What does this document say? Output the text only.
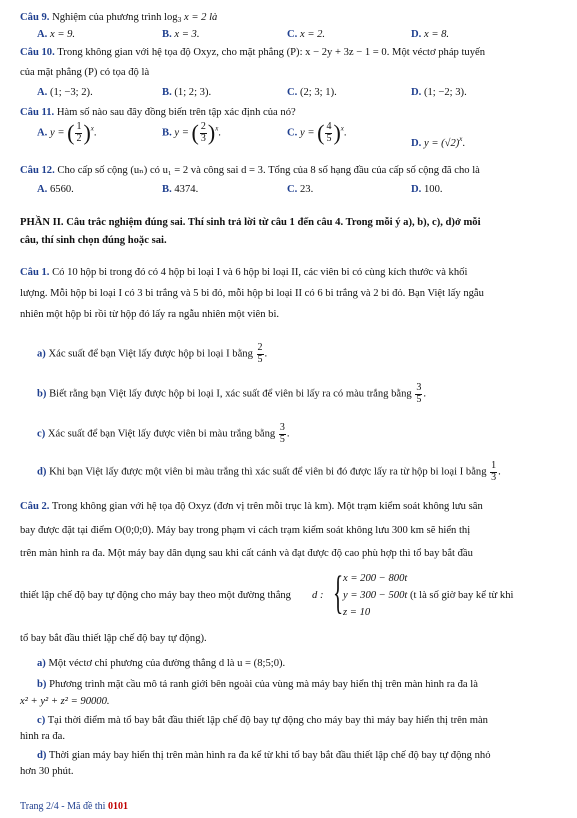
Câu 9. Nghiệm của phương trình $\log_3 x = 2$ là
A. x = 9.	B. x = 3.	C. x = 2.	D. x = 8.
Câu 10. Trong không gian với hệ tọa độ Oxyz, cho mặt phẳng (P): x − 2y + 3z − 1 = 0. Một véctơ pháp tuyến
của mặt phẳng (P) có tọa độ là
A. (1; −3; 2).	B. (1; 2; 3).	C. (2; 3; 1).	D. (1; −2; 3).
Câu 11. Hàm số nào sau đây đồng biến trên tập xác định của nó?
A. y = ( $\frac{1}{2} )^x$.	B. y = ( $\frac{2}{3} )^x$.	C. y = ( $\frac{4}{5} )^x$.
D. $y = (√2)^x$.
Câu 12. Cho cấp số cộng (uₙ) có u₁ = 2 và công sai d = 3. Tổng của 8 số hạng đầu của cấp số cộng đã cho là
A. 6560.	B. 4374.	C. 23.	D. 100.
PHẦN II. Câu trắc nghiệm đúng sai. Thí sinh trả lời từ câu 1 đến câu 4. Trong mỗi ý a), b), c), d)ở mỗi
câu, thí sinh chọn đúng hoặc sai.
Câu 1. Có 10 hộp bi trong đó có 4 hộp bi loại I và 6 hộp bi loại II, các viên bi có cùng kích thước và khối
lượng. Mỗi hộp bi loại I có 3 bi trắng và 5 bi đỏ, mỗi hộp bi loại II có 6 bi trắng và 2 bi đỏ. Bạn Việt lấy ngẫu
nhiên một hộp bi rồi từ hộp đó lấy ra ngẫu nhiên một viên bi.
a) Xác suất để bạn Việt lấy được hộp bi loại I bằng $\frac{2}{5}$ .
b) Biết rằng bạn Việt lấy được hộp bi loại I, xác suất để viên bi lấy ra có màu trắng bằng $\frac{3}{5}$ .
c) Xác suất để bạn Việt lấy được viên bi màu trắng bằng $\frac{3}{5}$ .
d) Khi bạn Việt lấy được một viên bi màu trắng thì xác suất để viên bi đó được lấy ra từ hộp bi loại I bằng $\frac{1}{3}$ .
Câu 2. Trong không gian với hệ tọa độ Oxyz (đơn vị trên mỗi trục là km). Một trạm kiểm soát không lưu sân
bay được đặt tại điểm O(0;0;0). Máy bay trong phạm vi cách trạm kiểm soát không lưu 300 km sẽ hiển thị
trên màn hình ra đa. Một máy bay dân dụng sau khi cất cánh và đạt được độ cao phù hợp thì tổ bay bắt đầu
thiết lập chế độ bay tự động cho máy bay theo một đường thẳng	d : { x = 200 − 800t
y = 300 − 500t
z = 10
(t là số giờ bay kể từ khi
tổ bay bắt đầu thiết lập chế độ bay tự động).
a) Một véctơ chỉ phương của đường thẳng d là u = (8;5;0).
b) Phương trình mặt cầu mô tả ranh giới bên ngoài của vùng mà máy bay hiển thị trên màn hình ra đa là
x² + y² + z² = 90000.
c) Tại thời điểm mà tổ bay bắt đầu thiết lập chế độ bay tự động cho máy bay thì máy bay hiển thị trên màn
hình ra đa.
d) Thời gian máy bay hiển thị trên màn hình ra đa kể từ khi tổ bay bắt đầu thiết lập chế độ bay tự động nhỏ
hơn 30 phút.
Trang 2/4 - Mã đề thi 0101
